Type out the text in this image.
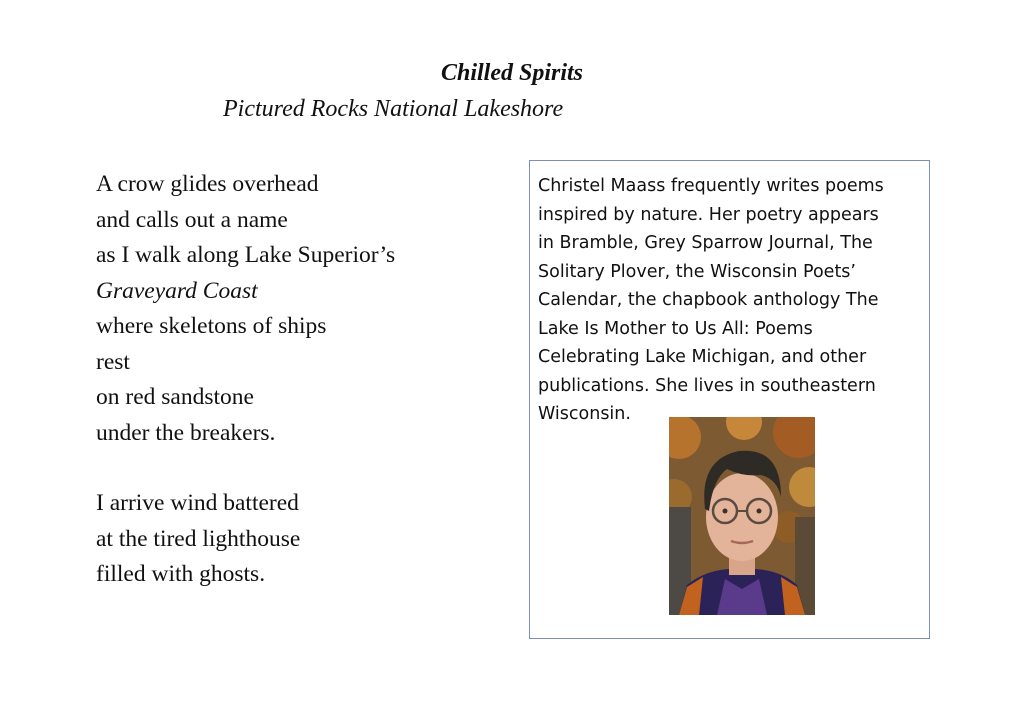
Chilled Spirits
Pictured Rocks National Lakeshore
A crow glides overhead
and calls out a name
as I walk along Lake Superior’s
Graveyard Coast
where skeletons of ships
rest
on red sandstone
under the breakers.
I arrive wind battered
at the tired lighthouse
filled with ghosts.
Christel Maass frequently writes poems
inspired by nature. Her poetry appears
in Bramble, Grey Sparrow Journal, The
Solitary Plover, the Wisconsin Poets’
Calendar, the chapbook anthology The
Lake Is Mother to Us All: Poems
Celebrating Lake Michigan, and other
publications. She lives in southeastern
Wisconsin.
